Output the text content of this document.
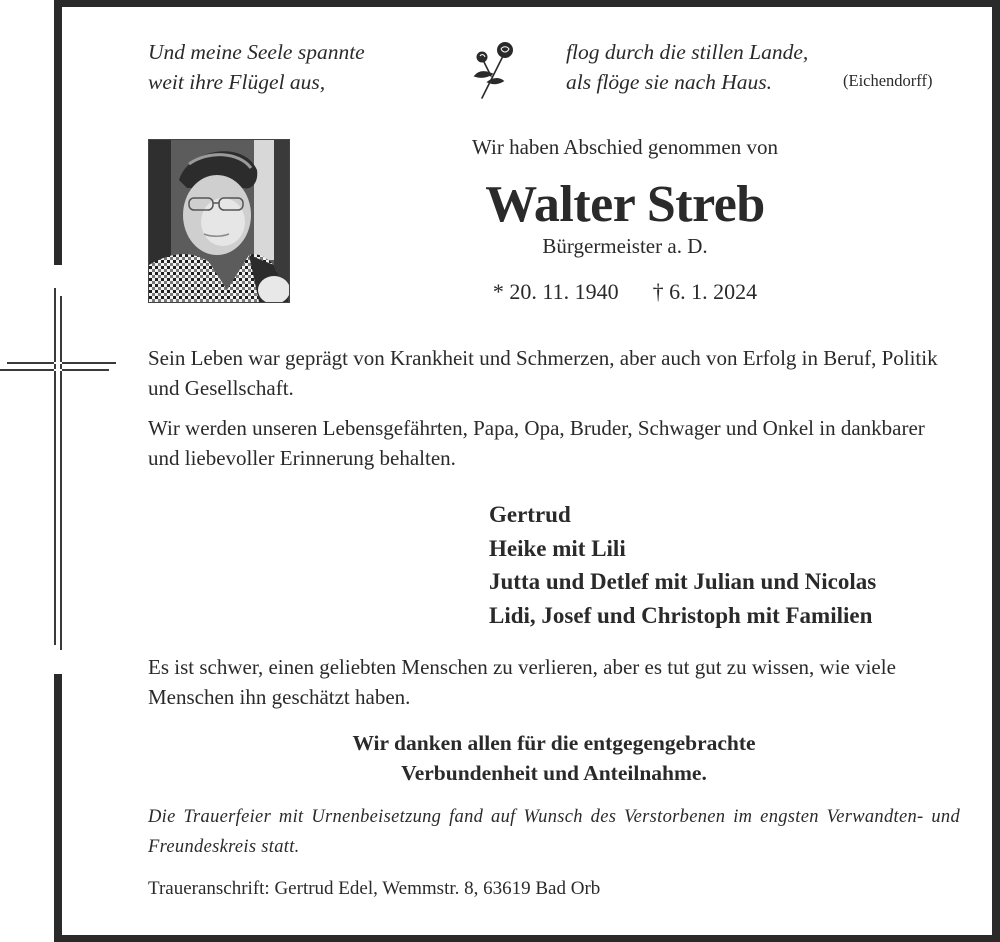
Und meine Seele spannte
weit ihre Flügel aus,
flog durch die stillen Lande,
als flöge sie nach Haus.	(Eichendorff)
Wir haben Abschied genommen von
Walter Streb
Bürgermeister a. D.
* 20. 11. 1940 † 6. 1. 2024
Sein Leben war geprägt von Krankheit und Schmerzen, aber auch von Erfolg in Beruf, Politik und Gesellschaft.
Wir werden unseren Lebensgefährten, Papa, Opa, Bruder, Schwager und Onkel in dankbarer und liebevoller Erinnerung behalten.
Gertrud
Heike mit Lili
Jutta und Detlef mit Julian und Nicolas
Lidi, Josef und Christoph mit Familien
Es ist schwer, einen geliebten Menschen zu verlieren, aber es tut gut zu wissen, wie viele Menschen ihn geschätzt haben.
Wir danken allen für die entgegengebrachte
Verbundenheit und Anteilnahme.
Die Trauerfeier mit Urnenbeisetzung fand auf Wunsch des Verstorbenen im engsten Verwandten- und Freundeskreis statt.
Traueranschrift: Gertrud Edel, Wemmstr. 8, 63619 Bad Orb
